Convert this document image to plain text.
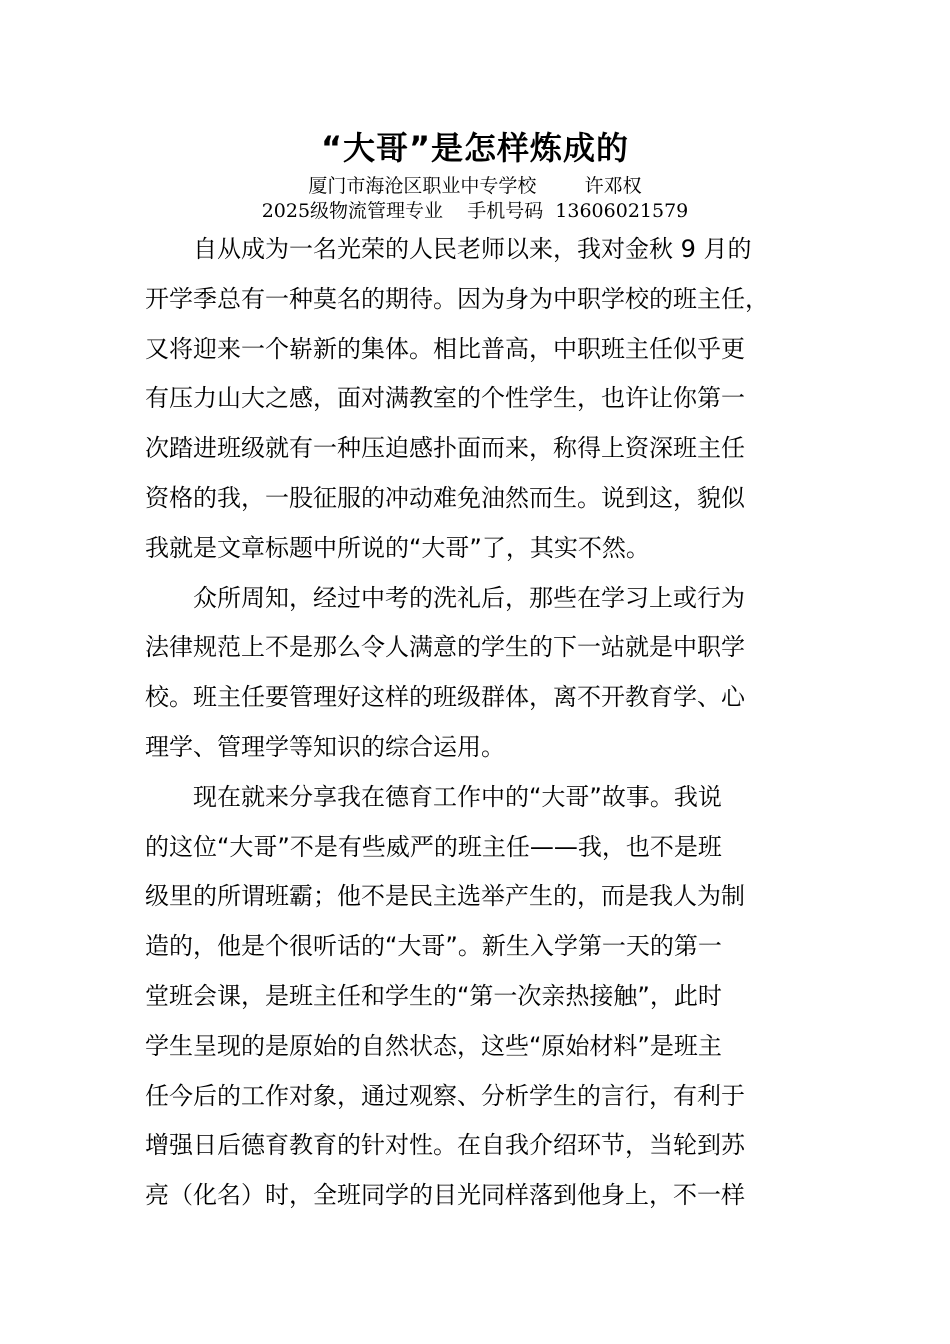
“大哥”是怎样炼成的
厦门市海沧区职业中专学校        许邓权
2025级物流管理专业    手机号码  13606021579

自从成为一名光荣的人民老师以来，我对金秋 9 月的
开学季总有一种莫名的期待。因为身为中职学校的班主任，
又将迎来一个崭新的集体。相比普高，中职班主任似乎更
有压力山大之感，面对满教室的个性学生，也许让你第一
次踏进班级就有一种压迫感扑面而来，称得上资深班主任
资格的我，一股征服的冲动难免油然而生。说到这，貌似
我就是文章标题中所说的“大哥”了，其实不然。

众所周知，经过中考的洗礼后，那些在学习上或行为
法律规范上不是那么令人满意的学生的下一站就是中职学
校。班主任要管理好这样的班级群体，离不开教育学、心
理学、管理学等知识的综合运用。

现在就来分享我在德育工作中的“大哥”故事。我说
的这位“大哥”不是有些威严的班主任——我，也不是班
级里的所谓班霸；他不是民主选举产生的，而是我人为制
造的，他是个很听话的“大哥”。新生入学第一天的第一
堂班会课，是班主任和学生的“第一次亲热接触”，此时
学生呈现的是原始的自然状态，这些“原始材料”是班主
任今后的工作对象，通过观察、分析学生的言行，有利于
增强日后德育教育的针对性。在自我介绍环节，当轮到苏
亮（化名）时，全班同学的目光同样落到他身上，不一样
